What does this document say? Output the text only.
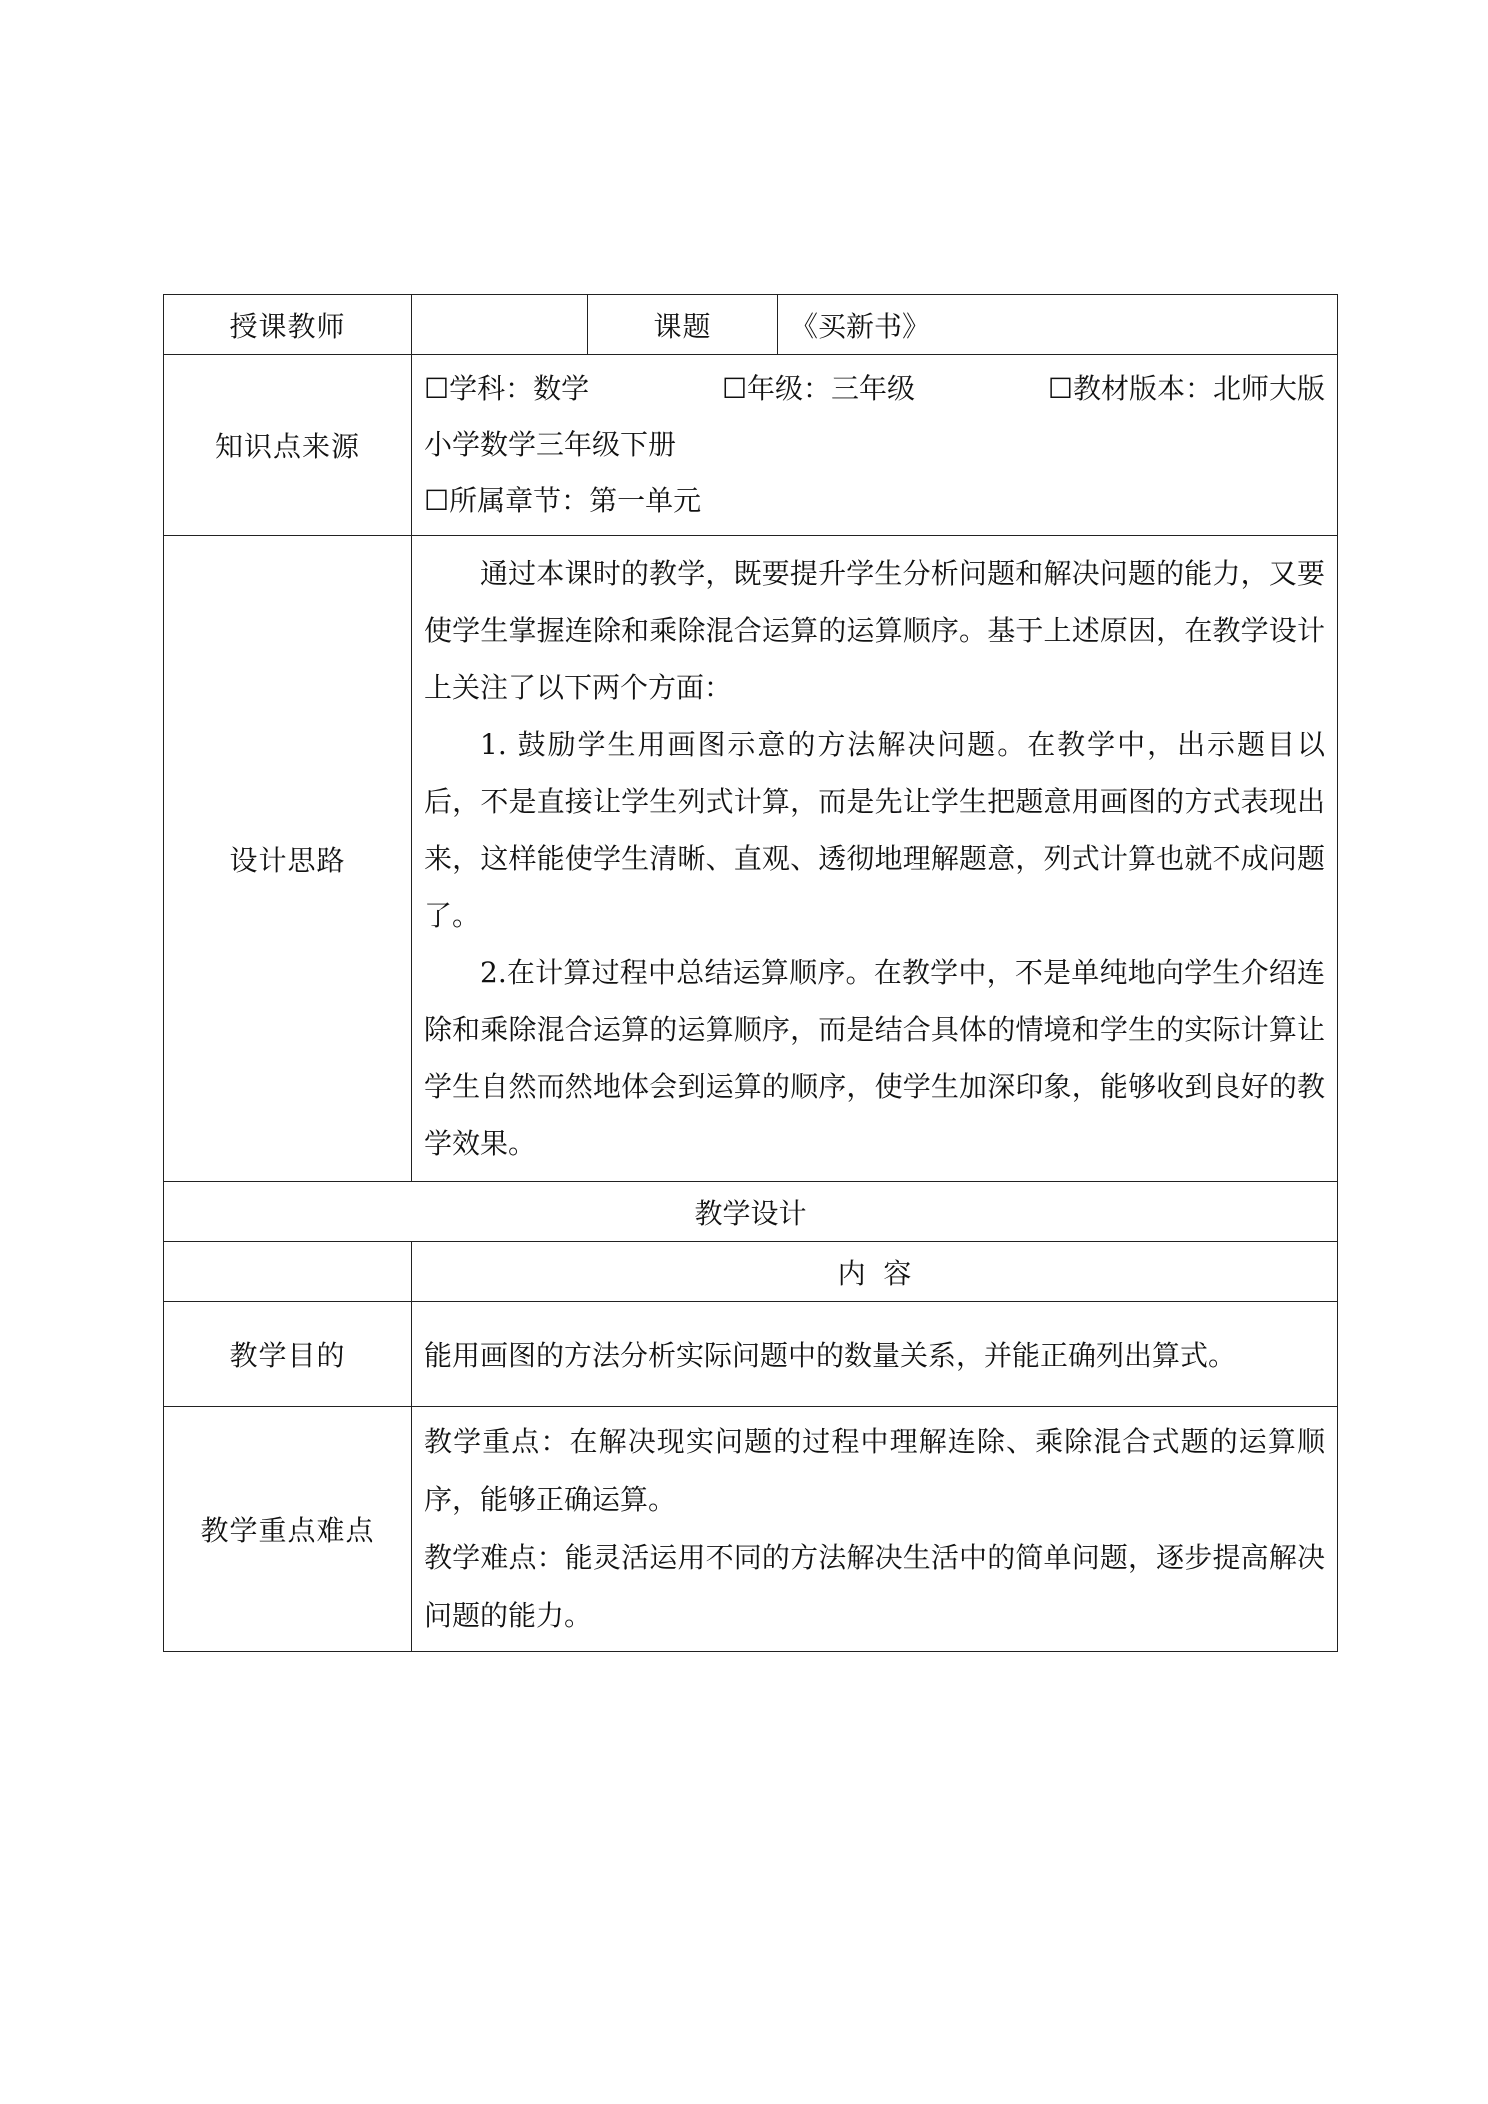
授课教师		课题	《买新书》
知识点来源	☐学科：数学 ☐年级：三年级 ☐教材版本：北师大版
小学数学三年级下册
☐所属章节：第一单元		

设计思路	通过本课时的教学，既要提升学生分析问题和解决问题的能力，又要使学生掌握连除和乘除混合运算的运算顺序。基于上述原因，在教学设计上关注了以下两个方面：

1. 鼓励学生用画图示意的方法解决问题。在教学中，出示题目以后，不是直接让学生列式计算，而是先让学生把题意用画图的方式表现出来，这样能使学生清晰、直观、透彻地理解题意，列式计算也就不成问题了。

2.在计算过程中总结运算顺序。在教学中，不是单纯地向学生介绍连除和乘除混合运算的运算顺序，而是结合具体的情境和学生的实际计算让学生自然而然地体会到运算的顺序，使学生加深印象，能够收到良好的教学效果。		

教学设计			
	内  容		
教学目的	能用画图的方法分析实际问题中的数量关系，并能正确列出算式。		
教学重点难点	教学重点：在解决现实问题的过程中理解连除、乘除混合式题的运算顺序，能够正确运算。

教学难点：能灵活运用不同的方法解决生活中的简单问题，逐步提高解决问题的能力。		
